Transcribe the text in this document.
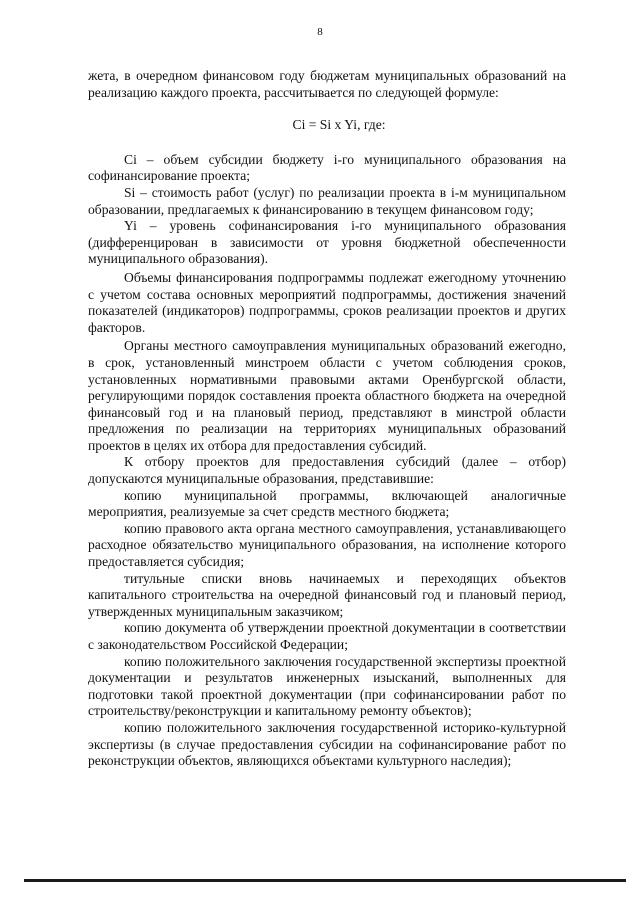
8

жета, в очередном финансовом году бюджетам муниципальных образований на реализацию каждого проекта, рассчитывается по следующей формуле:

Ci = Si x Yi, где:

Ci – объем субсидии бюджету i-го муниципального образования на софинансирование проекта;

Si – стоимость работ (услуг) по реализации проекта в i-м муниципальном образовании, предлагаемых к финансированию в текущем финансовом году;

Yi – уровень софинансирования i-го муниципального образования (дифференцирован в зависимости от уровня бюджетной обеспеченности муниципального образования).

Объемы финансирования подпрограммы подлежат ежегодному уточнению с учетом состава основных мероприятий подпрограммы, достижения значений показателей (индикаторов) подпрограммы, сроков реализации проектов и других факторов.

Органы местного самоуправления муниципальных образований ежегодно, в срок, установленный минстроем области с учетом соблюдения сроков, установленных нормативными правовыми актами Оренбургской области, регулирующими порядок составления проекта областного бюджета на очередной финансовый год и на плановый период, представляют в минстрой области предложения по реализации на территориях муниципальных образований проектов в целях их отбора для предоставления субсидий.

К отбору проектов для предоставления субсидий (далее – отбор) допускаются муниципальные образования, представившие:

копию муниципальной программы, включающей аналогичные мероприятия, реализуемые за счет средств местного бюджета;

копию правового акта органа местного самоуправления, устанавливающего расходное обязательство муниципального образования, на исполнение которого предоставляется субсидия;

титульные списки вновь начинаемых и переходящих объектов капитального строительства на очередной финансовый год и плановый период, утвержденных муниципальным заказчиком;

копию документа об утверждении проектной документации в соответствии с законодательством Российской Федерации;

копию положительного заключения государственной экспертизы проектной документации и результатов инженерных изысканий, выполненных для подготовки такой проектной документации (при софинансировании работ по строительству/реконструкции и капитальному ремонту объектов);

копию положительного заключения государственной историко-культурной экспертизы (в случае предоставления субсидии на софинансирование работ по реконструкции объектов, являющихся объектами культурного наследия);
